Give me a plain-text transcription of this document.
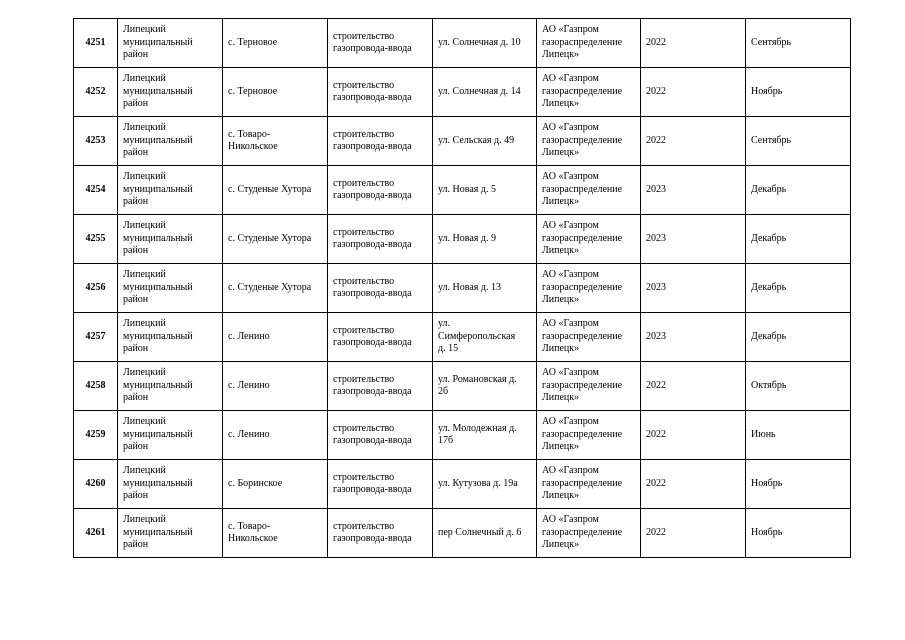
4251	Липецкий
муниципальный
район	с. Терновое	строительство
газопровода-ввода	ул. Солнечная д. 10	АО «Газпром
газораспределение
Липецк»	2022	Сентябрь
4252	Липецкий
муниципальный
район	с. Терновое	строительство
газопровода-ввода	ул. Солнечная д. 14	АО «Газпром
газораспределение
Липецк»	2022	Ноябрь
4253	Липецкий
муниципальный
район	с. Товаро-
Никольское	строительство
газопровода-ввода	ул. Сельская д. 49	АО «Газпром
газораспределение
Липецк»	2022	Сентябрь
4254	Липецкий
муниципальный
район	с. Студеные Хутора	строительство
газопровода-ввода	ул. Новая д. 5	АО «Газпром
газораспределение
Липецк»	2023	Декабрь
4255	Липецкий
муниципальный
район	с. Студеные Хутора	строительство
газопровода-ввода	ул. Новая д. 9	АО «Газпром
газораспределение
Липецк»	2023	Декабрь
4256	Липецкий
муниципальный
район	с. Студеные Хутора	строительство
газопровода-ввода	ул. Новая д. 13	АО «Газпром
газораспределение
Липецк»	2023	Декабрь
4257	Липецкий
муниципальный
район	с. Ленино	строительство
газопровода-ввода	ул.
Симферопольская
д. 15	АО «Газпром
газораспределение
Липецк»	2023	Декабрь
4258	Липецкий
муниципальный
район	с. Ленино	строительство
газопровода-ввода	ул. Романовская д.
2б	АО «Газпром
газораспределение
Липецк»	2022	Октябрь
4259	Липецкий
муниципальный
район	с. Ленино	строительство
газопровода-ввода	ул. Молодежная д.
17б	АО «Газпром
газораспределение
Липецк»	2022	Июнь
4260	Липецкий
муниципальный
район	с. Боринское	строительство
газопровода-ввода	ул. Кутузова д. 19а	АО «Газпром
газораспределение
Липецк»	2022	Ноябрь
4261	Липецкий
муниципальный
район	с. Товаро-
Никольское	строительство
газопровода-ввода	пер Солнечный д. 6	АО «Газпром
газораспределение
Липецк»	2022	Ноябрь
